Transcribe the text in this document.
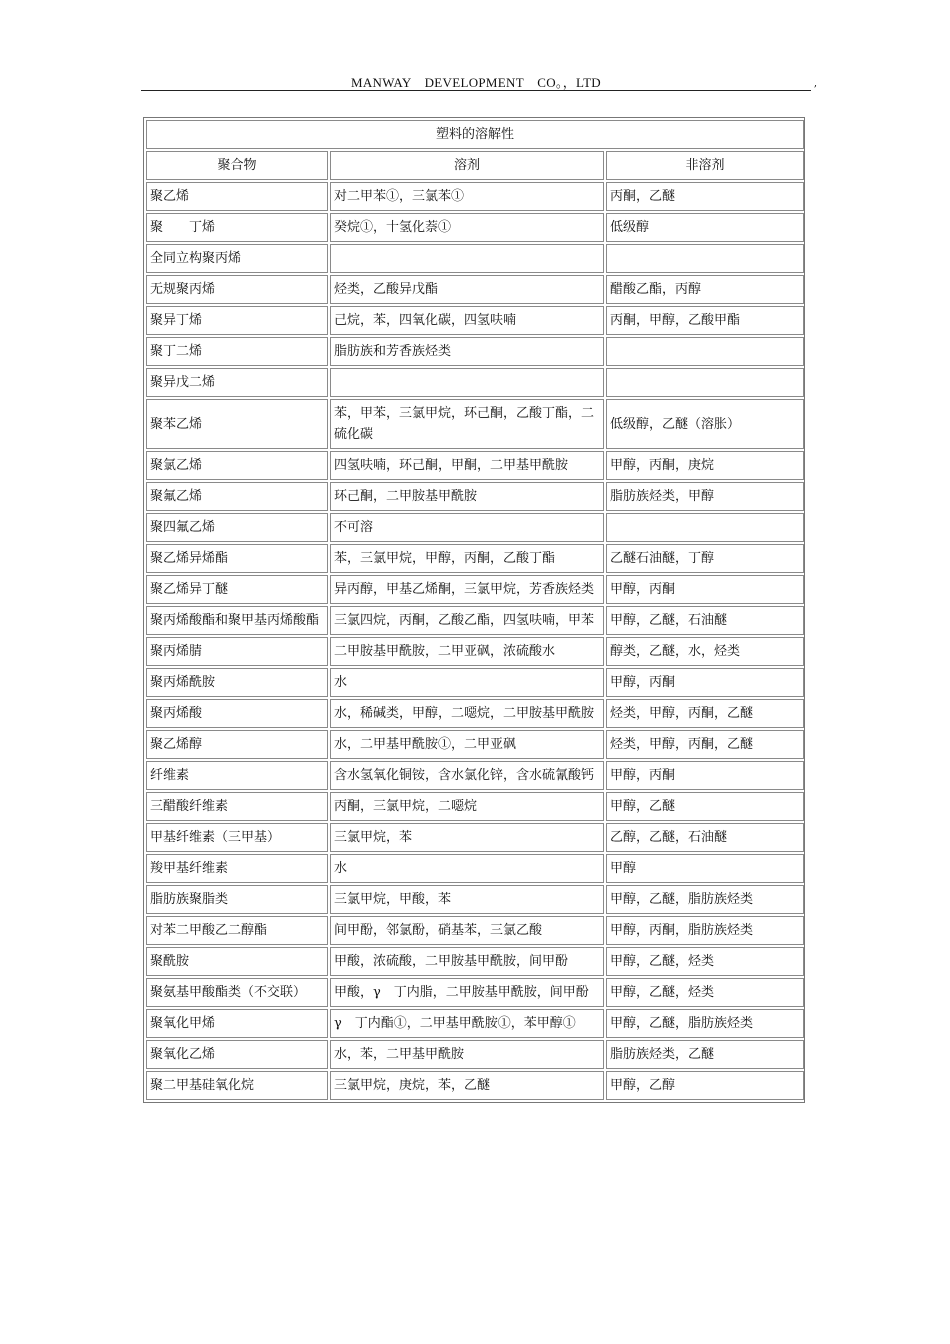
MANWAY DEVELOPMENT CO。，LTD	,
塑料的溶解性		
聚合物	溶剂	非溶剂
聚乙烯	对二甲苯①，三氯苯①	丙酮，乙醚
聚　　丁烯	癸烷①，十氢化萘①	低级醇
全同立构聚丙烯		
无规聚丙烯	烃类，乙酸异戊酯	醋酸乙酯，丙醇
聚异丁烯	己烷，苯，四氧化碳，四氢呋喃	丙酮，甲醇，乙酸甲酯
聚丁二烯	脂肪族和芳香族烃类	
聚异戊二烯		
聚苯乙烯	苯，甲苯，三氯甲烷，环己酮，乙酸丁酯，二硫化碳	低级醇，乙醚（溶胀）
聚氯乙烯	四氢呋喃，环己酮，甲酮，二甲基甲酰胺	甲醇，丙酮，庚烷
聚氟乙烯	环己酮，二甲胺基甲酰胺	脂肪族烃类，甲醇
聚四氟乙烯	不可溶	
聚乙烯异烯酯	苯，三氯甲烷，甲醇，丙酮，乙酸丁酯	乙醚石油醚，丁醇
聚乙烯异丁醚	异丙醇，甲基乙烯酮，三氯甲烷，芳香族烃类	甲醇，丙酮
聚丙烯酸酯和聚甲基丙烯酸酯	三氯四烷，丙酮，乙酸乙酯，四氢呋喃，甲苯	甲醇，乙醚，石油醚
聚丙烯腈	二甲胺基甲酰胺，二甲亚砜，浓硫酸水	醇类，乙醚，水，烃类
聚丙烯酰胺	水	甲醇，丙酮
聚丙烯酸	水，稀碱类，甲醇，二噁烷，二甲胺基甲酰胺	烃类，甲醇，丙酮，乙醚
聚乙烯醇	水，二甲基甲酰胺①，二甲亚砜	烃类，甲醇，丙酮，乙醚
纤维素	含水氢氧化铜铵，含水氯化锌，含水硫氰酸钙	甲醇，丙酮
三醋酸纤维素	丙酮，三氯甲烷，二噁烷	甲醇，乙醚
甲基纤维素（三甲基）	三氯甲烷，苯	乙醇，乙醚，石油醚
羧甲基纤维素	水	甲醇
脂肪族聚脂类	三氯甲烷，甲酸，苯	甲醇，乙醚，脂肪族烃类
对苯二甲酸乙二醇酯	间甲酚，邻氯酚，硝基苯，三氯乙酸	甲醇，丙酮，脂肪族烃类
聚酰胺	甲酸，浓硫酸，二甲胺基甲酰胺，间甲酚	甲醇，乙醚，烃类
聚氨基甲酸酯类（不交联）	甲酸，γ　丁内脂，二甲胺基甲酰胺，间甲酚	甲醇，乙醚，烃类
聚氧化甲烯	γ　丁内酯①，二甲基甲酰胺①，苯甲醇①	甲醇，乙醚，脂肪族烃类
聚氧化乙烯	水，苯，二甲基甲酰胺	脂肪族烃类，乙醚
聚二甲基硅氧化烷	三氯甲烷，庚烷，苯，乙醚	甲醇，乙醇
